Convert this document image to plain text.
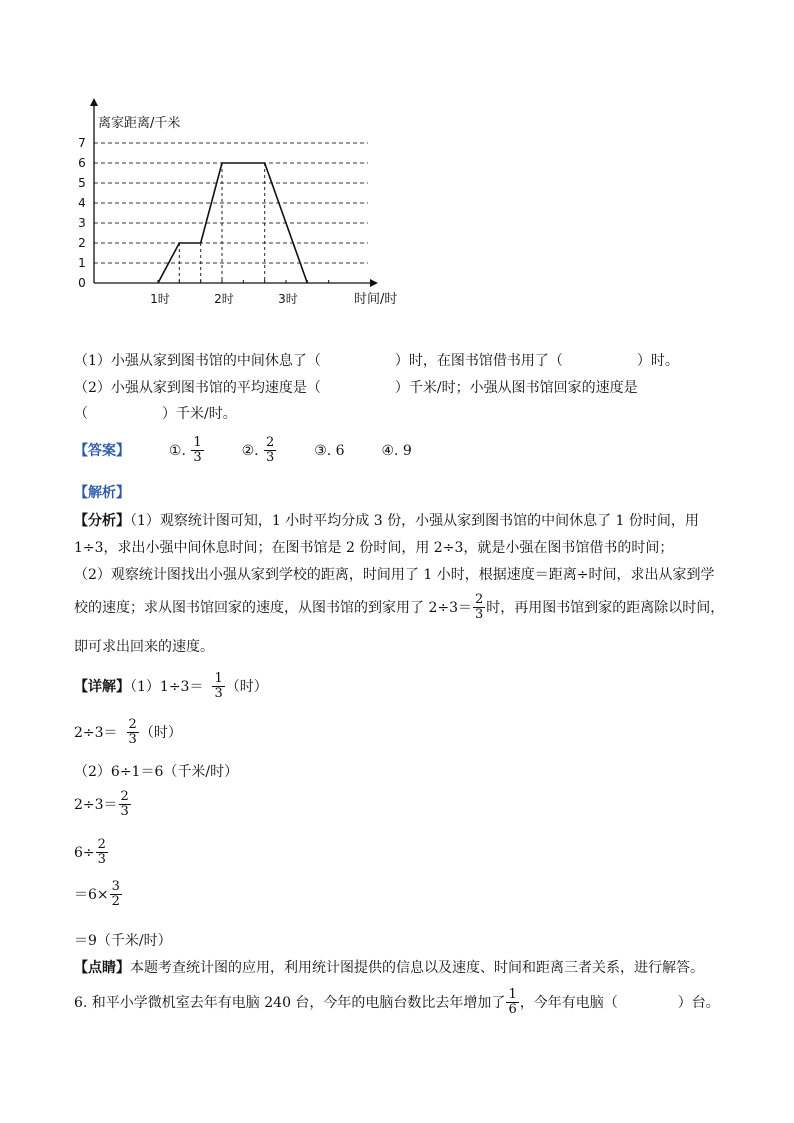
0
1
2
3
4
5
6
7
1时	2时	3时
离家距离/千米
时间/时
（1）小强从家到图书馆的中间休息了（	）时，在图书馆借书用了（	）时。
（2）小强从家到图书馆的平均速度是（	）千米/时；小强从图书馆回家的速度是
（	）千米/时。
【答案】	①. $\frac{1}{3}$	②. $\frac{2}{3}$	③. 6	④. 9
【解析】
【分析】（1）观察统计图可知，1 小时平均分成 3 份，小强从家到图书馆的中间休息了 1 份时间，用
1÷3，求出小强中间休息时间；在图书馆是 2 份时间，用 2÷3，就是小强在图书馆借书的时间；
（2）观察统计图找出小强从家到学校的距离，时间用了 1 小时，根据速度＝距离÷时间，求出从家到学
校的速度；求从图书馆回家的速度，从图书馆的到家用了 $2\div 3= \frac{2}{3}$ 时，再用图书馆到家的距离除以时间，
即可求出回来的速度。
【详解】$(1)1\div 3= \frac{1}{3}$ （时）
$2\div 3= \frac{2}{3}$ （时）
（2）6÷1＝6（千米/时）
$2\div 3= \frac{2}{3}$
$6\div \frac{2}{3}$
$=6\times \frac{3}{2}$
＝9（千米/时）
【点睛】本题考查统计图的应用，利用统计图提供的信息以及速度、时间和距离三者关系，进行解答。
6. 和平小学微机室去年有电脑 240 台，今年的电脑台数比去年增加了 $\frac{1}{6}$ ，今年有电脑（	）台。
